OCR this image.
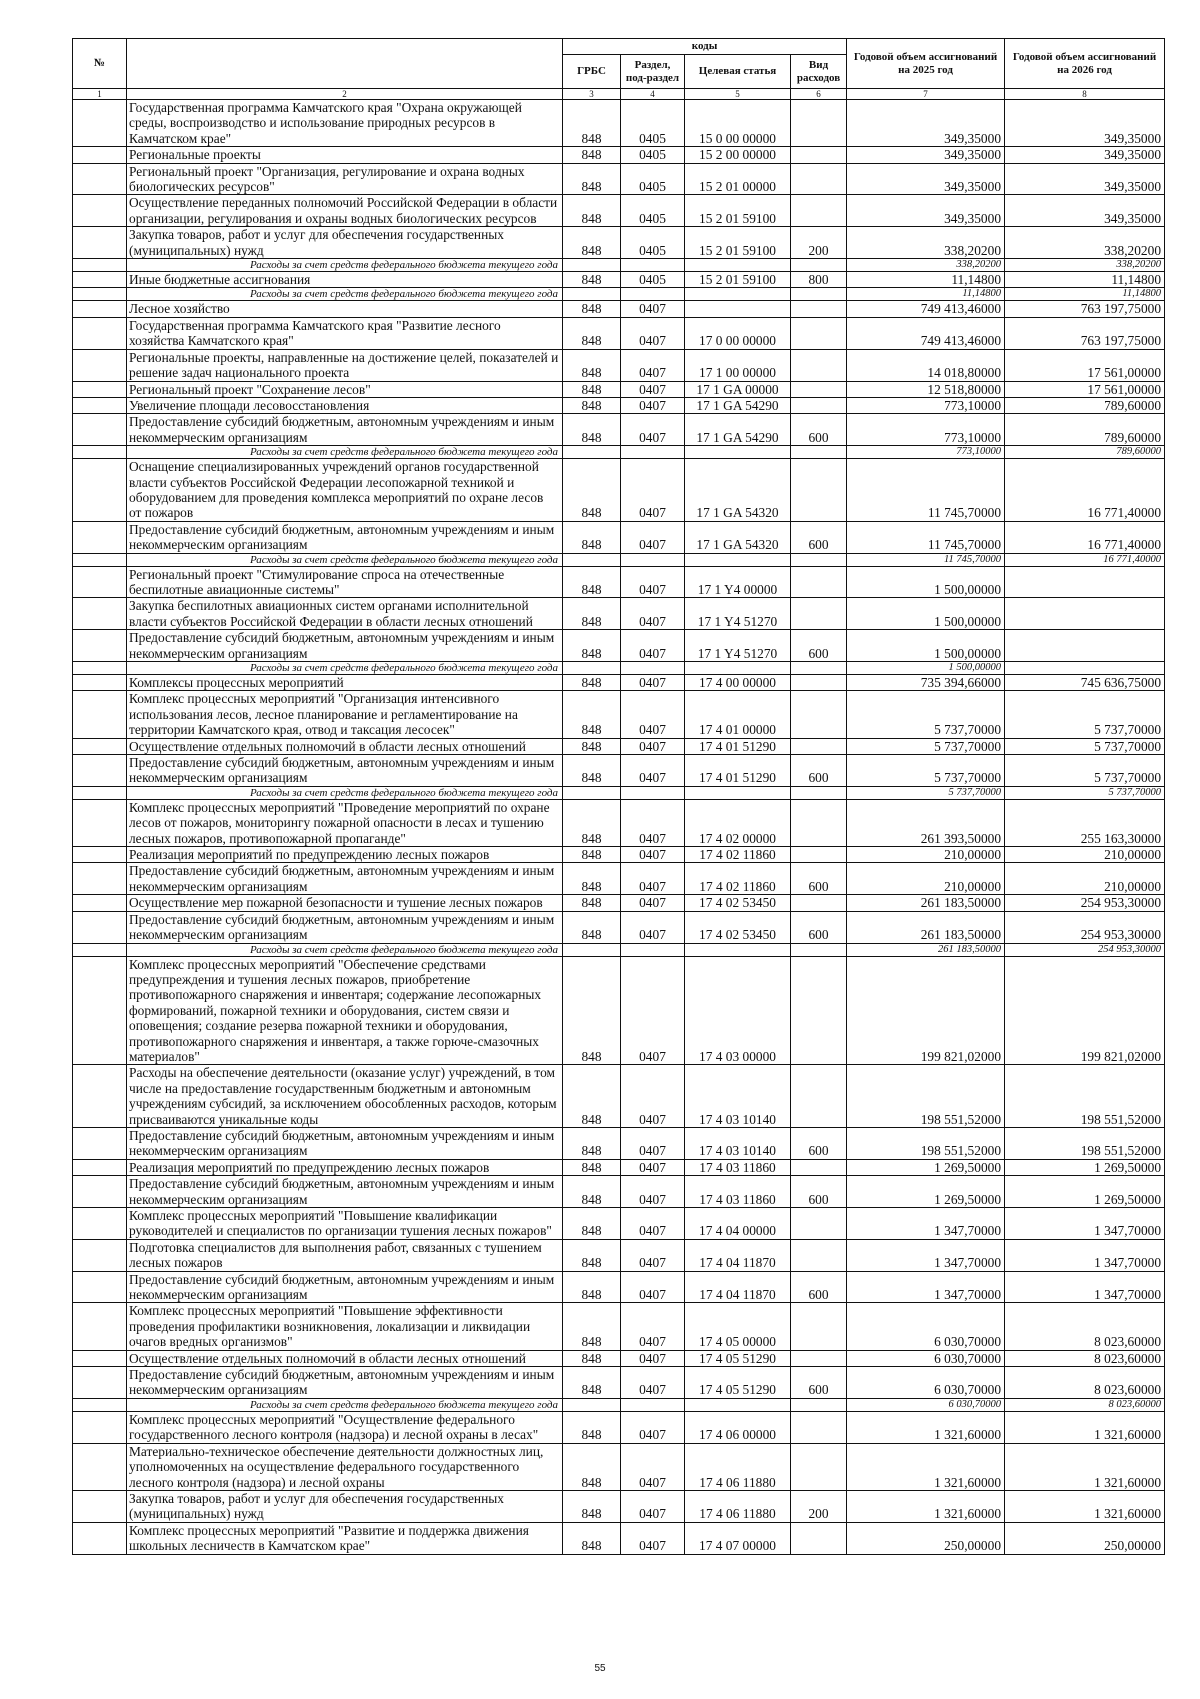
№		коды				Годовой объем ассигнований на 2025 год	Годовой объем ассигнований на 2026 год
		ГРБС	Раздел, под-раздел	Целевая статья	Вид расходов		
1	2	3	4	5	6	7	8
	Государственная программа Камчатского края "Охрана окружающей среды, воспроизводство и использование природных ресурсов в Камчатском крае"	848	0405	15 0 00 00000		349,35000	349,35000
	Региональные проекты	848	0405	15 2 00 00000		349,35000	349,35000
	Региональный проект "Организация, регулирование и охрана водных биологических ресурсов"	848	0405	15 2 01 00000		349,35000	349,35000
	Осуществление переданных полномочий Российской Федерации в области организации, регулирования и охраны водных биологических ресурсов	848	0405	15 2 01 59100		349,35000	349,35000
	Закупка товаров, работ и услуг для обеспечения государственных (муниципальных) нужд	848	0405	15 2 01 59100	200	338,20200	338,20200
	Расходы за счет средств федерального бюджета текущего года					338,20200	338,20200
	Иные бюджетные ассигнования	848	0405	15 2 01 59100	800	11,14800	11,14800
	Расходы за счет средств федерального бюджета текущего года					11,14800	11,14800
	Лесное хозяйство	848	0407			749 413,46000	763 197,75000
	Государственная программа Камчатского края "Развитие лесного хозяйства Камчатского края"	848	0407	17 0 00 00000		749 413,46000	763 197,75000
	Региональные проекты, направленные на достижение целей, показателей и решение задач национального проекта	848	0407	17 1 00 00000		14 018,80000	17 561,00000
	Региональный проект "Сохранение лесов"	848	0407	17 1 GA 00000		12 518,80000	17 561,00000
	Увеличение площади лесовосстановления	848	0407	17 1 GA 54290		773,10000	789,60000
	Предоставление субсидий бюджетным, автономным учреждениям и иным некоммерческим организациям	848	0407	17 1 GA 54290	600	773,10000	789,60000
	Расходы за счет средств федерального бюджета текущего года					773,10000	789,60000
	Оснащение специализированных учреждений органов государственной власти субъектов Российской Федерации лесопожарной техникой и оборудованием для проведения комплекса мероприятий по охране лесов от пожаров	848	0407	17 1 GA 54320		11 745,70000	16 771,40000
	Предоставление субсидий бюджетным, автономным учреждениям и иным некоммерческим организациям	848	0407	17 1 GA 54320	600	11 745,70000	16 771,40000
	Расходы за счет средств федерального бюджета текущего года					11 745,70000	16 771,40000
	Региональный проект "Стимулирование спроса на отечественные беспилотные авиационные системы"	848	0407	17 1 Y4 00000		1 500,00000	
	Закупка беспилотных авиационных систем органами исполнительной власти субъектов Российской Федерации в области лесных отношений	848	0407	17 1 Y4 51270		1 500,00000	
	Предоставление субсидий бюджетным, автономным учреждениям и иным некоммерческим организациям	848	0407	17 1 Y4 51270	600	1 500,00000	
	Расходы за счет средств федерального бюджета текущего года					1 500,00000	
	Комплексы процессных мероприятий	848	0407	17 4 00 00000		735 394,66000	745 636,75000
	Комплекс процессных мероприятий "Организация интенсивного использования лесов, лесное планирование и регламентирование на территории Камчатского края, отвод и таксация лесосек"	848	0407	17 4 01 00000		5 737,70000	5 737,70000
	Осуществление отдельных полномочий в области лесных отношений	848	0407	17 4 01 51290		5 737,70000	5 737,70000
	Предоставление субсидий бюджетным, автономным учреждениям и иным некоммерческим организациям	848	0407	17 4 01 51290	600	5 737,70000	5 737,70000
	Расходы за счет средств федерального бюджета текущего года					5 737,70000	5 737,70000
	Комплекс процессных мероприятий "Проведение мероприятий по охране лесов от пожаров, мониторингу пожарной опасности в лесах и тушению лесных пожаров, противопожарной пропаганде"	848	0407	17 4 02 00000		261 393,50000	255 163,30000
	Реализация мероприятий по предупреждению лесных пожаров	848	0407	17 4 02 11860		210,00000	210,00000
	Предоставление субсидий бюджетным, автономным учреждениям и иным некоммерческим организациям	848	0407	17 4 02 11860	600	210,00000	210,00000
	Осуществление мер пожарной безопасности и тушение лесных пожаров	848	0407	17 4 02 53450		261 183,50000	254 953,30000
	Предоставление субсидий бюджетным, автономным учреждениям и иным некоммерческим организациям	848	0407	17 4 02 53450	600	261 183,50000	254 953,30000
	Расходы за счет средств федерального бюджета текущего года					261 183,50000	254 953,30000
	Комплекс процессных мероприятий "Обеспечение средствами предупреждения и тушения лесных пожаров, приобретение противопожарного снаряжения и инвентаря; содержание лесопожарных формирований, пожарной техники и оборудования, систем связи и оповещения; создание резерва пожарной техники и оборудования, противопожарного снаряжения и инвентаря, а также горюче-смазочных материалов"	848	0407	17 4 03 00000		199 821,02000	199 821,02000
	Расходы на обеспечение деятельности (оказание услуг) учреждений, в том числе на предоставление государственным бюджетным и автономным учреждениям субсидий, за исключением обособленных расходов, которым присваиваются уникальные коды	848	0407	17 4 03 10140		198 551,52000	198 551,52000
	Предоставление субсидий бюджетным, автономным учреждениям и иным некоммерческим организациям	848	0407	17 4 03 10140	600	198 551,52000	198 551,52000
	Реализация мероприятий по предупреждению лесных пожаров	848	0407	17 4 03 11860		1 269,50000	1 269,50000
	Предоставление субсидий бюджетным, автономным учреждениям и иным некоммерческим организациям	848	0407	17 4 03 11860	600	1 269,50000	1 269,50000
	Комплекс процессных мероприятий "Повышение квалификации руководителей и специалистов по организации тушения лесных пожаров"	848	0407	17 4 04 00000		1 347,70000	1 347,70000
	Подготовка специалистов для выполнения работ, связанных с тушением лесных пожаров	848	0407	17 4 04 11870		1 347,70000	1 347,70000
	Предоставление субсидий бюджетным, автономным учреждениям и иным некоммерческим организациям	848	0407	17 4 04 11870	600	1 347,70000	1 347,70000
	Комплекс процессных мероприятий "Повышение эффективности проведения профилактики возникновения, локализации и ликвидации очагов вредных организмов"	848	0407	17 4 05 00000		6 030,70000	8 023,60000
	Осуществление отдельных полномочий в области лесных отношений	848	0407	17 4 05 51290		6 030,70000	8 023,60000
	Предоставление субсидий бюджетным, автономным учреждениям и иным некоммерческим организациям	848	0407	17 4 05 51290	600	6 030,70000	8 023,60000
	Расходы за счет средств федерального бюджета текущего года					6 030,70000	8 023,60000
	Комплекс процессных мероприятий "Осуществление федерального государственного лесного контроля (надзора) и лесной охраны в лесах"	848	0407	17 4 06 00000		1 321,60000	1 321,60000
	Материально-техническое обеспечение деятельности должностных лиц, уполномоченных на осуществление федерального государственного лесного контроля (надзора) и лесной охраны	848	0407	17 4 06 11880		1 321,60000	1 321,60000
	Закупка товаров, работ и услуг для обеспечения государственных (муниципальных) нужд	848	0407	17 4 06 11880	200	1 321,60000	1 321,60000
	Комплекс процессных мероприятий "Развитие и поддержка движения школьных лесничеств в Камчатском крае"	848	0407	17 4 07 00000		250,00000	250,00000
55
